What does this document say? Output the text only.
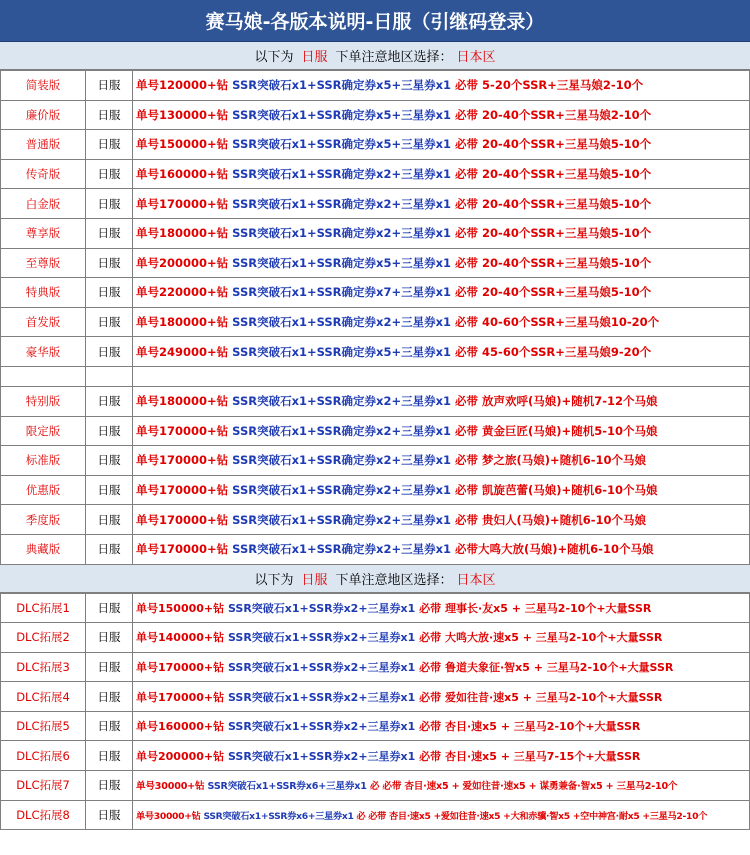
赛马娘-各版本说明-日服（引继码登录）
以下为 日服 下单注意地区选择： 日本区
简装版	日服	单号120000+钻 SSR突破石x1+SSR确定券x5+三星券x1 必带 5-20个SSR+三星马娘2-10个
廉价版	日服	单号130000+钻 SSR突破石x1+SSR确定券x5+三星券x1 必带 20-40个SSR+三星马娘2-10个
普通版	日服	单号150000+钻 SSR突破石x1+SSR确定券x5+三星券x1 必带 20-40个SSR+三星马娘5-10个
传奇版	日服	单号160000+钻 SSR突破石x1+SSR确定券x2+三星券x1 必带 20-40个SSR+三星马娘5-10个
白金版	日服	单号170000+钻 SSR突破石x1+SSR确定券x2+三星券x1 必带 20-40个SSR+三星马娘5-10个
尊享版	日服	单号180000+钻 SSR突破石x1+SSR确定券x2+三星券x1 必带 20-40个SSR+三星马娘5-10个
至尊版	日服	单号200000+钻 SSR突破石x1+SSR确定券x5+三星券x1 必带 20-40个SSR+三星马娘5-10个
特典版	日服	单号220000+钻 SSR突破石x1+SSR确定券x7+三星券x1 必带 20-40个SSR+三星马娘5-10个
首发版	日服	单号180000+钻 SSR突破石x1+SSR确定券x2+三星券x1 必带 40-60个SSR+三星马娘10-20个
豪华版	日服	单号249000+钻 SSR突破石x1+SSR确定券x5+三星券x1 必带 45-60个SSR+三星马娘9-20个

特别版	日服	单号180000+钻 SSR突破石x1+SSR确定券x2+三星券x1 必带 放声欢呼(马娘)+随机7-12个马娘
限定版	日服	单号170000+钻 SSR突破石x1+SSR确定券x2+三星券x1 必带 黄金巨匠(马娘)+随机5-10个马娘
标准版	日服	单号170000+钻 SSR突破石x1+SSR确定券x2+三星券x1 必带 梦之旅(马娘)+随机6-10个马娘
优惠版	日服	单号170000+钻 SSR突破石x1+SSR确定券x2+三星券x1 必带 凯旋芭蕾(马娘)+随机6-10个马娘
季度版	日服	单号170000+钻 SSR突破石x1+SSR确定券x2+三星券x1 必带 贵妇人(马娘)+随机6-10个马娘
典藏版	日服	单号170000+钻 SSR突破石x1+SSR确定券x2+三星券x1 必带大鸣大放(马娘)+随机6-10个马娘
以下为 日服 下单注意地区选择： 日本区
DLC拓展1	日服	单号150000+钻 SSR突破石x1+SSR券x2+三星券x1 必带 理事长·友x5 + 三星马2-10个+大量SSR
DLC拓展2	日服	单号140000+钻 SSR突破石x1+SSR券x2+三星券x1 必带 大鸣大放·速x5 + 三星马2-10个+大量SSR
DLC拓展3	日服	单号170000+钻 SSR突破石x1+SSR券x2+三星券x1 必带 鲁道夫象征·智x5 + 三星马2-10个+大量SSR
DLC拓展4	日服	单号170000+钻 SSR突破石x1+SSR券x2+三星券x1 必带 爱如往昔·速x5 + 三星马2-10个+大量SSR
DLC拓展5	日服	单号160000+钻 SSR突破石x1+SSR券x2+三星券x1 必带 杏目·速x5 + 三星马2-10个+大量SSR
DLC拓展6	日服	单号200000+钻 SSR突破石x1+SSR券x2+三星券x1 必带 杏目·速x5 + 三星马7-15个+大量SSR
DLC拓展7	日服	单号30000+钻 SSR突破石x1+SSR券x6+三星券x1 必 必带 杏目·速x5 + 爱如往昔·速x5 + 谋勇兼备·智x5 + 三星马2-10个
DLC拓展8	日服	单号30000+钻 SSR突破石x1+SSR券x6+三星券x1 必 必带 杏目·速x5 +爱如往昔·速x5 +大和赤骥·智x5 +空中神宫·耐x5 +三星马2-10个
